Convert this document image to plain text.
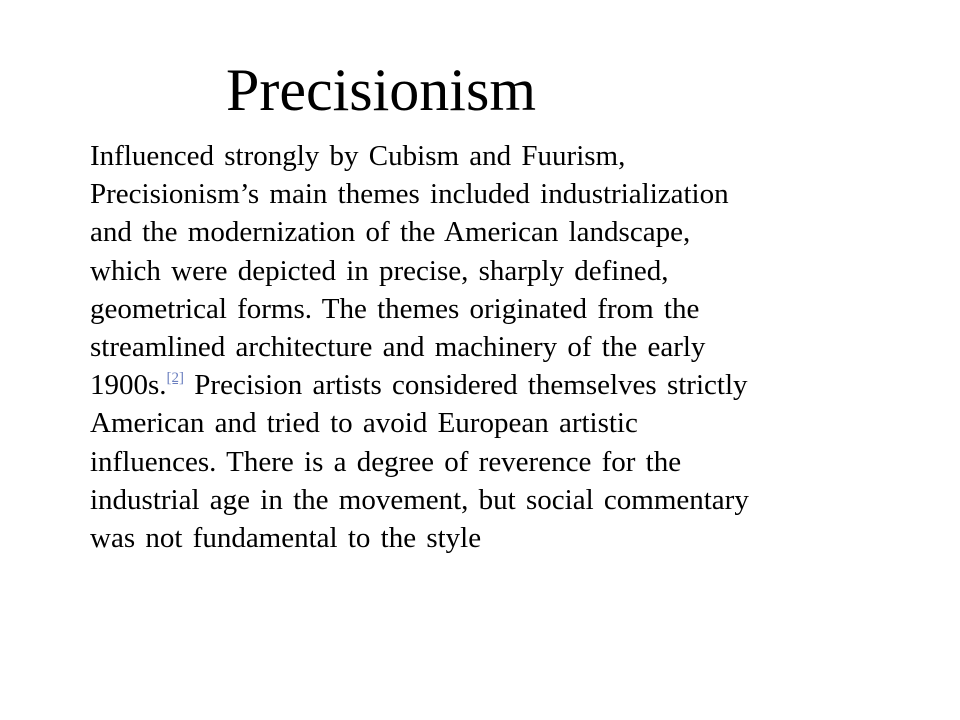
Precisionism

Influenced strongly by Cubism and Fuurism,
Precisionism’s main themes included industrialization
and the modernization of the American landscape,
which were depicted in precise, sharply defined,
geometrical forms. The themes originated from the
streamlined architecture and machinery of the early
1900s.[2] Precision artists considered themselves strictly
American and tried to avoid European artistic
influences. There is a degree of reverence for the
industrial age in the movement, but social commentary
was not fundamental to the style
